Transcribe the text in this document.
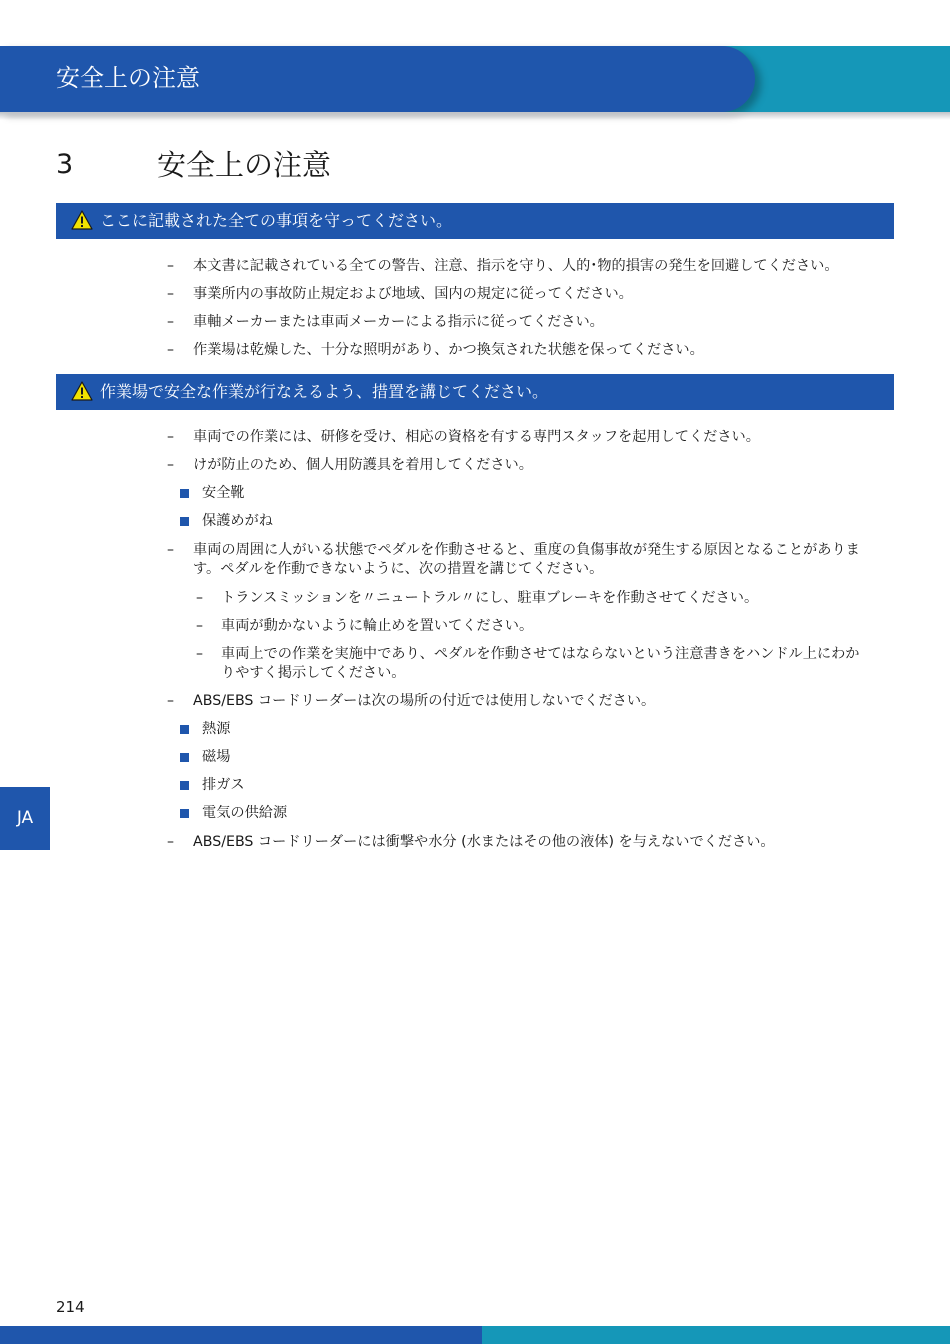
安全上の注意
3	安全上の注意
ここに記載された全ての事項を守ってください。
– 本文書に記載されている全ての警告、注意、指示を守り、人的･物的損害の発生を回避してください。
– 事業所内の事故防止規定および地域、国内の規定に従ってください。
– 車軸メーカーまたは車両メーカーによる指示に従ってください。
– 作業場は乾燥した、十分な照明があり、かつ換気された状態を保ってください。
作業場で安全な作業が行なえるよう、措置を講じてください。
– 車両での作業には、研修を受け、相応の資格を有する専門スタッフを起用してください。
– けが防止のため、個人用防護具を着用してください。
安全靴
保護めがね
– 車両の周囲に人がいる状態でペダルを作動させると、重度の負傷事故が発生する原因となることがありま
す。ペダルを作動できないように、次の措置を講じてください。
– トランスミッションを〃ニュートラル〃にし、駐車ブレーキを作動させてください。
– 車両が動かないように輪止めを置いてください。
– 車両上での作業を実施中であり、ペダルを作動させてはならないという注意書きをハンドル上にわか
りやすく掲示してください。
– ABS/EBS コードリーダーは次の場所の付近では使用しないでください。
熱源
磁場
排ガス
電気の供給源
– ABS/EBS コードリーダーには衝撃や水分 (水またはその他の液体) を与えないでください。
JA
214
